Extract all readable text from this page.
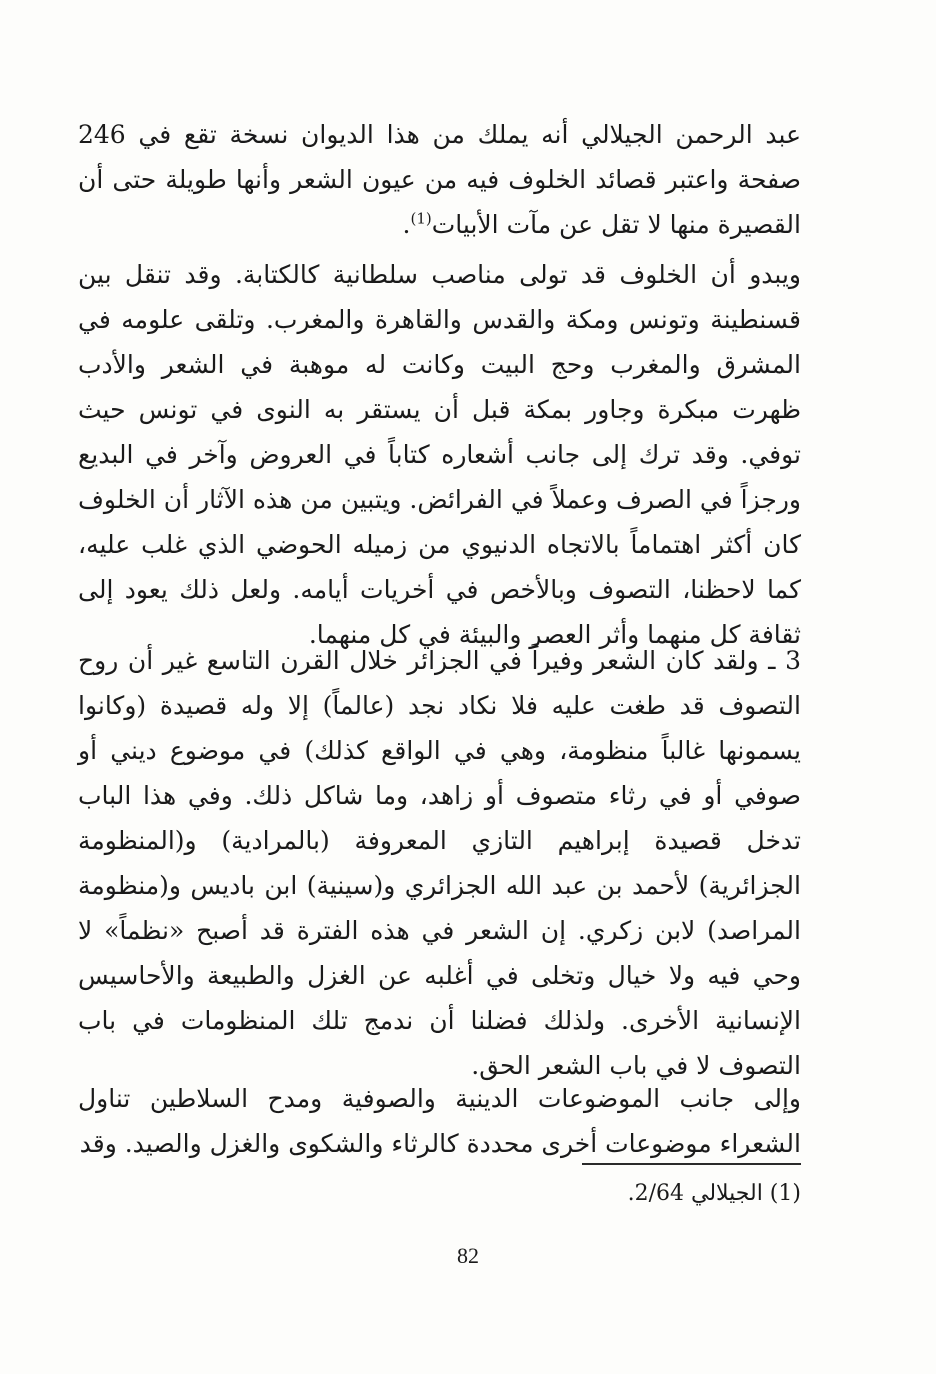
عبد الرحمن الجيلالي أنه يملك من هذا الديوان نسخة تقع في 246 صفحة واعتبر قصائد الخلوف فيه من عيون الشعر وأنها طويلة حتى أن القصيرة منها لا تقل عن مآت الأبيات$^{(1)}$.

ويبدو أن الخلوف قد تولى مناصب سلطانية كالكتابة. وقد تنقل بين قسنطينة وتونس ومكة والقدس والقاهرة والمغرب. وتلقى علومه في المشرق والمغرب وحج البيت وكانت له موهبة في الشعر والأدب ظهرت مبكرة وجاور بمكة قبل أن يستقر به النوى في تونس حيث توفي. وقد ترك إلى جانب أشعاره كتاباً في العروض وآخر في البديع ورجزاً في الصرف وعملاً في الفرائض. ويتبين من هذه الآثار أن الخلوف كان أكثر اهتماماً بالاتجاه الدنيوي من زميله الحوضي الذي غلب عليه، كما لاحظنا، التصوف وبالأخص في أخريات أيامه. ولعل ذلك يعود إلى ثقافة كل منهما وأثر العصر والبيئة في كل منهما.

3 ـ ولقد كان الشعر وفيراً في الجزائر خلال القرن التاسع غير أن روح التصوف قد طغت عليه فلا نكاد نجد (عالماً) إلا وله قصيدة (وكانوا يسمونها غالباً منظومة، وهي في الواقع كذلك) في موضوع ديني أو صوفي أو في رثاء متصوف أو زاهد، وما شاكل ذلك. وفي هذا الباب تدخل قصيدة إبراهيم التازي المعروفة (بالمرادية) و(المنظومة الجزائرية) لأحمد بن عبد الله الجزائري و(سينية) ابن باديس و(منظومة المراصد) لابن زكري. إن الشعر في هذه الفترة قد أصبح «نظماً» لا وحي فيه ولا خيال وتخلى في أغلبه عن الغزل والطبيعة والأحاسيس الإنسانية الأخرى. ولذلك فضلنا أن ندمج تلك المنظومات في باب التصوف لا في باب الشعر الحق.

وإلى جانب الموضوعات الدينية والصوفية ومدح السلاطين تناول الشعراء موضوعات أخرى محددة كالرثاء والشكوى والغزل والصيد. وقد

(1) الجيلالي 2/64.
82
